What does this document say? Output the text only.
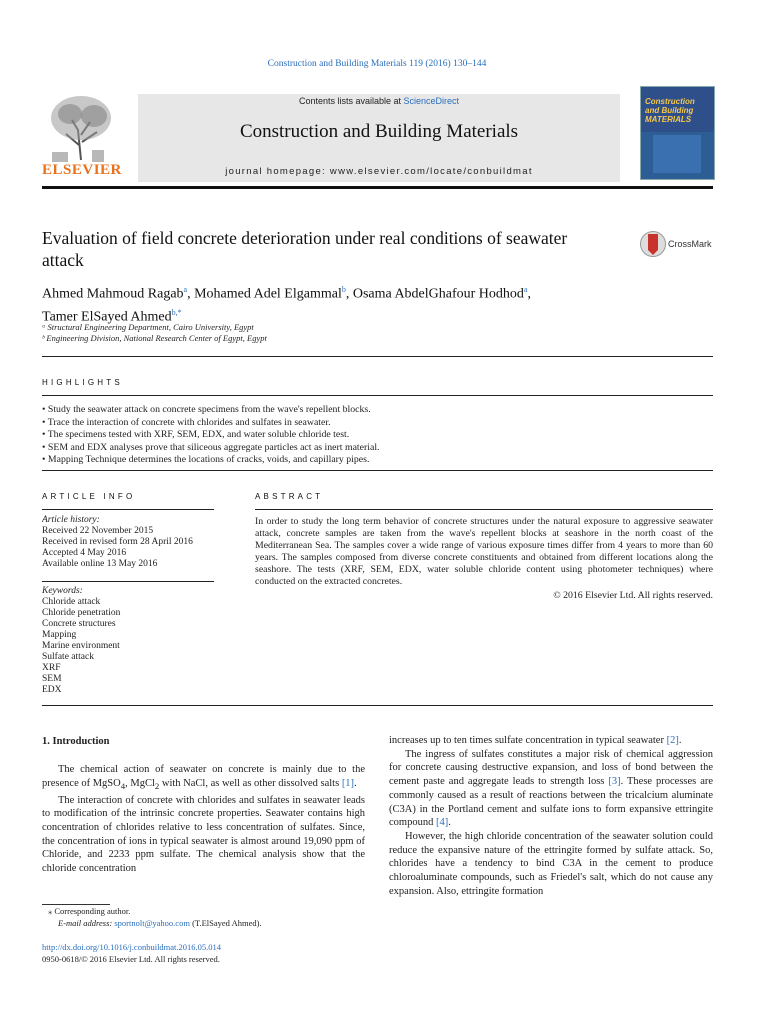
Construction and Building Materials 119 (2016) 130–144
ELSEVIER
Contents lists available at ScienceDirect
Construction and Building Materials
journal homepage: www.elsevier.com/locate/conbuildmat
Construction and Building MATERIALS
Evaluation of field concrete deterioration under real conditions of seawater attack
CrossMark
Ahmed Mahmoud Ragab$^a$, Mohamed Adel Elgammal$^b$, Osama AbdelGhafour Hodhod$^a$,
Tamer ElSayed Ahmed$^{b,*}$
ᵃ Structural Engineering Department, Cairo University, Egypt
ᵇ Engineering Division, National Research Center of Egypt, Egypt
HIGHLIGHTS
• Study the seawater attack on concrete specimens from the wave's repellent blocks.
• Trace the interaction of concrete with chlorides and sulfates in seawater.
• The specimens tested with XRF, SEM, EDX, and water soluble chloride test.
• SEM and EDX analyses prove that siliceous aggregate particles act as inert material.
• Mapping Technique determines the locations of cracks, voids, and capillary pipes.
ARTICLE INFO
Article history:
Received 22 November 2015
Received in revised form 28 April 2016
Accepted 4 May 2016
Available online 13 May 2016
Keywords:
Chloride attack
Chloride penetration
Concrete structures
Mapping
Marine environment
Sulfate attack
XRF
SEM
EDX
ABSTRACT
In order to study the long term behavior of concrete structures under the natural exposure to aggressive seawater attack, concrete samples are taken from the wave's repellent blocks at seashore in the north coast of the Mediterranean Sea. The samples cover a wide range of various exposure times differ from 4 years to more than 60 years. The samples composed from diverse concrete constituents and obtained from different locations along the seashore. The tests (XRF, SEM, EDX, water soluble chloride content using photometer techniques) where conducted on the extracted concretes.
© 2016 Elsevier Ltd. All rights reserved.
1. Introduction

The chemical action of seawater on concrete is mainly due to the presence of MgSO$_4$, MgCl$_2$ with NaCl, as well as other dissolved salts [1].

The interaction of concrete with chlorides and sulfates in seawater leads to modification of the intrinsic concrete properties. Seawater contains high concentration of chlorides relative to less concentration of sulfates. Since, the concentration of ions in typical seawater is almost around 19,090 ppm of Chloride, and 2233 ppm sulfate. The chemical analysis show that the chloride concentration

increases up to ten times sulfate concentration in typical seawater [2].

The ingress of sulfates constitutes a major risk of chemical aggression for concrete causing destructive expansion, and loss of bond between the cement paste and aggregate leads to strength loss [3]. These processes are commonly caused as a result of reactions between the tricalcium aluminate (C3A) in the Portland cement and sulfate ions to form expansive ettringite compound [4].

However, the high chloride concentration of the seawater solution could reduce the expansive nature of the ettringite formed by sulfate attack. So, chlorides have a tendency to bind C3A in the cement to produce chloroaluminate compounds, such as Friedel's salt, which do not cause any expansion. Also, ettringite formation

⁎ Corresponding author.
E-mail address: sportnolt@yahoo.com (T.ElSayed Ahmed).
http://dx.doi.org/10.1016/j.conbuildmat.2016.05.014
0950-0618/© 2016 Elsevier Ltd. All rights reserved.
